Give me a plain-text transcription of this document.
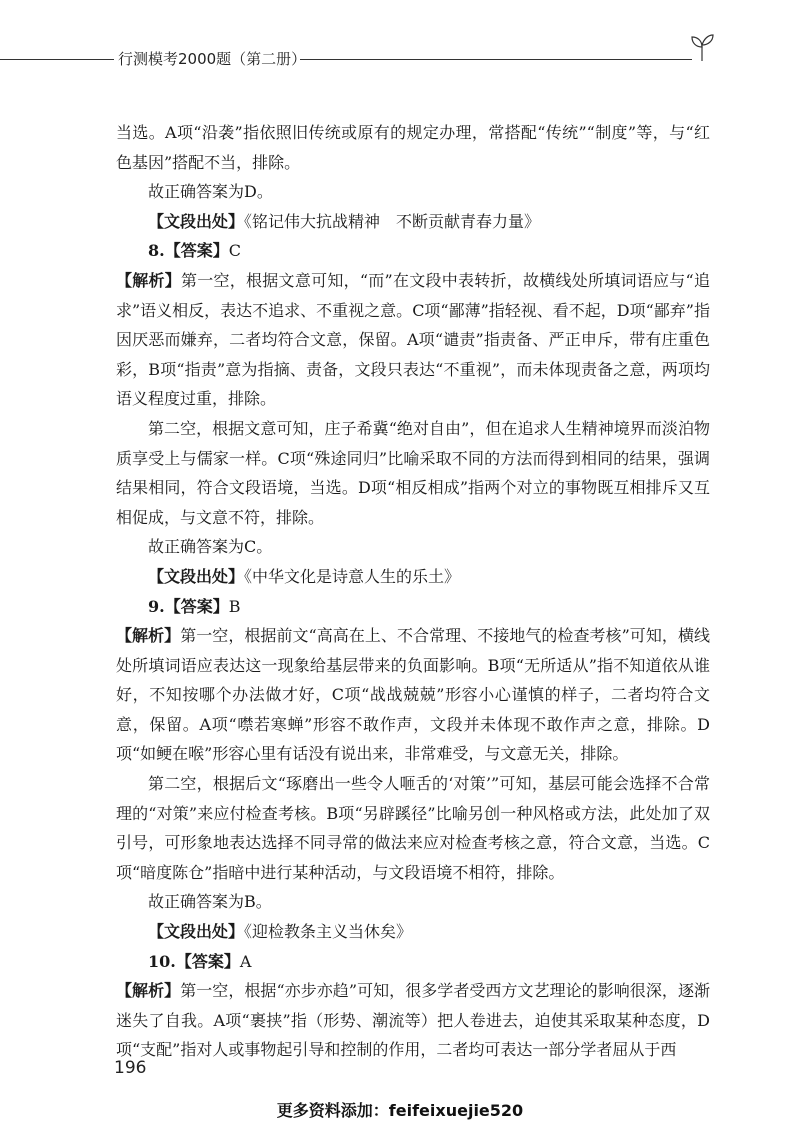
行测模考2000题（第二册）

当选。A项“沿袭”指依照旧传统或原有的规定办理，常搭配“传统”“制度”等，与“红色基因”搭配不当，排除。

故正确答案为D。

【文段出处】《铭记伟大抗战精神　不断贡献青春力量》

8.【答案】C

【解析】第一空，根据文意可知，“而”在文段中表转折，故横线处所填词语应与“追求”语义相反，表达不追求、不重视之意。C项“鄙薄”指轻视、看不起，D项“鄙弃”指因厌恶而嫌弃，二者均符合文意，保留。A项“谴责”指责备、严正申斥，带有庄重色彩，B项“指责”意为指摘、责备，文段只表达“不重视”，而未体现责备之意，两项均语义程度过重，排除。

第二空，根据文意可知，庄子希冀“绝对自由”，但在追求人生精神境界而淡泊物质享受上与儒家一样。C项“殊途同归”比喻采取不同的方法而得到相同的结果，强调结果相同，符合文段语境，当选。D项“相反相成”指两个对立的事物既互相排斥又互相促成，与文意不符，排除。

故正确答案为C。

【文段出处】《中华文化是诗意人生的乐土》

9.【答案】B

【解析】第一空，根据前文“高高在上、不合常理、不接地气的检查考核”可知，横线处所填词语应表达这一现象给基层带来的负面影响。B项“无所适从”指不知道依从谁好，不知按哪个办法做才好，C项“战战兢兢”形容小心谨慎的样子，二者均符合文意，保留。A项“噤若寒蝉”形容不敢作声，文段并未体现不敢作声之意，排除。D项“如鲠在喉”形容心里有话没有说出来，非常难受，与文意无关，排除。

第二空，根据后文“琢磨出一些令人咂舌的‘对策’”可知，基层可能会选择不合常理的“对策”来应付检查考核。B项“另辟蹊径”比喻另创一种风格或方法，此处加了双引号，可形象地表达选择不同寻常的做法来应对检查考核之意，符合文意，当选。C项“暗度陈仓”指暗中进行某种活动，与文段语境不相符，排除。

故正确答案为B。

【文段出处】《迎检教条主义当休矣》

10.【答案】A

【解析】第一空，根据“亦步亦趋”可知，很多学者受西方文艺理论的影响很深，逐渐迷失了自我。A项“裹挟”指（形势、潮流等）把人卷进去，迫使其采取某种态度，D项“支配”指对人或事物起引导和控制的作用，二者均可表达一部分学者屈从于西

196
更多资料添加：feifeixuejie520
